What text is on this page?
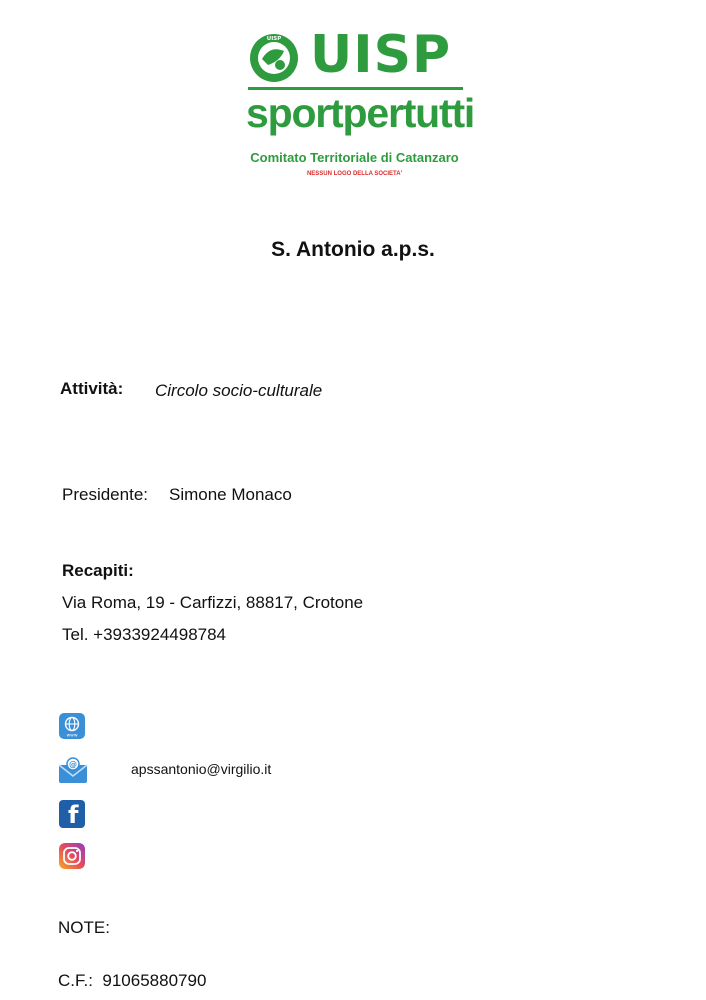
UISP UISP
sportpertutti
Comitato Territoriale di Catanzaro
NESSUN LOGO DELLA SOCIETA'
S. Antonio a.p.s.
Attività: Circolo socio-culturale
Presidente: Simone Monaco
Recapiti:
Via Roma, 19 - Carfizzi, 88817, Crotone
Tel. +3933924498784
www
@	apssantonio@virgilio.it
f
NOTE:
C.F.:  91065880790
